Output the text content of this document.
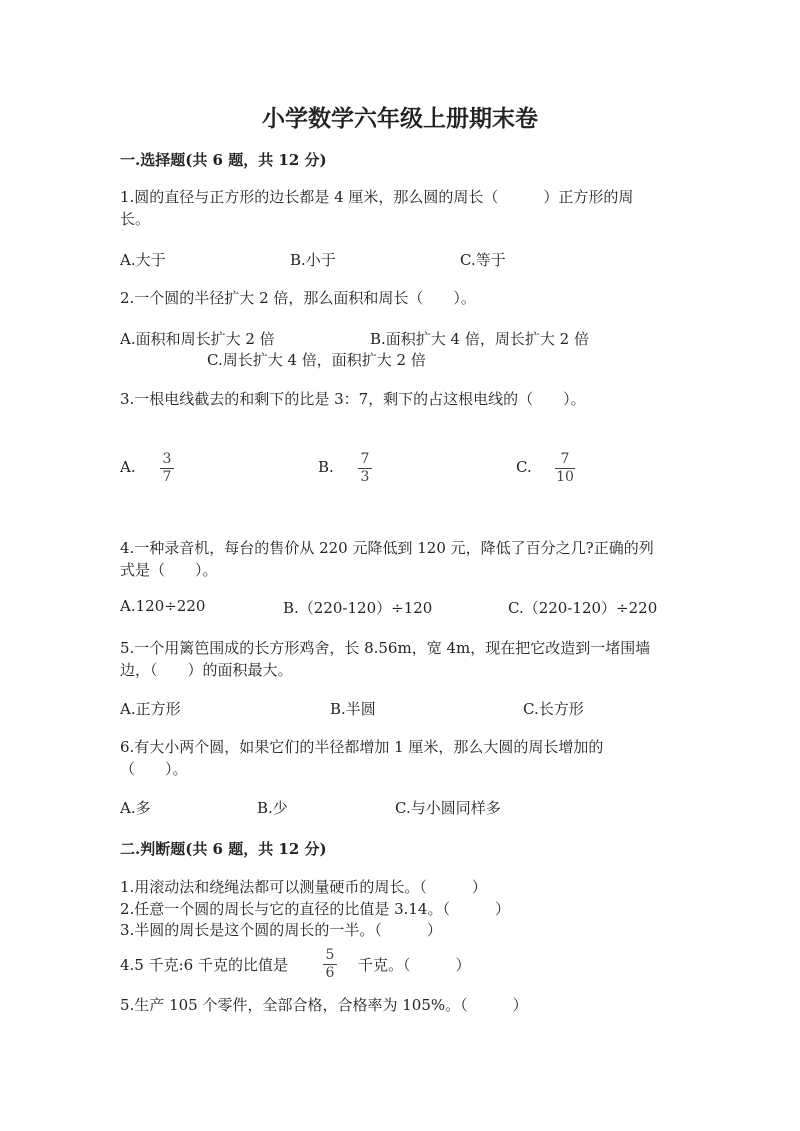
小学数学六年级上册期末卷
一.选择题(共 6 题，共 12 分)
1.圆的直径与正方形的边长都是 4 厘米，那么圆的周长（　　　）正方形的周
长。
A.大于	B.小于	C.等于
2.一个圆的半径扩大 2 倍，那么面积和周长（　　）。
A.面积和周长扩大 2 倍	B.面积扩大 4 倍，周长扩大 2 倍
C.周长扩大 4 倍，面积扩大 2 倍
3.一根电线截去的和剩下的比是 3：7，剩下的占这根电线的（　　）。
A. 3
7
B. 7
3
C. 7
10
4.一种录音机，每台的售价从 220 元降低到 120 元，降低了百分之几?正确的列
式是（　　）。
A.120÷220	B.（220-120）÷120	C.（220-120）÷220
5.一个用篱笆围成的长方形鸡舍，长 8.56m，宽 4m，现在把它改造到一堵围墙
边，（　　）的面积最大。
A.正方形	B.半圆	C.长方形
6.有大小两个圆，如果它们的半径都增加 1 厘米，那么大圆的周长增加的
（　　）。
A.多	B.少	C.与小圆同样多
二.判断题(共 6 题，共 12 分)
1.用滚动法和绕绳法都可以测量硬币的周长。（　　　）
2.任意一个圆的周长与它的直径的比值是 3.14。（　　　）
3.半圆的周长是这个圆的周长的一半。（　　　）
4.5 千克:6 千克的比值是
5
6 千克。（　　　）
5.生产 105 个零件，全部合格，合格率为 105%。（　　　）
